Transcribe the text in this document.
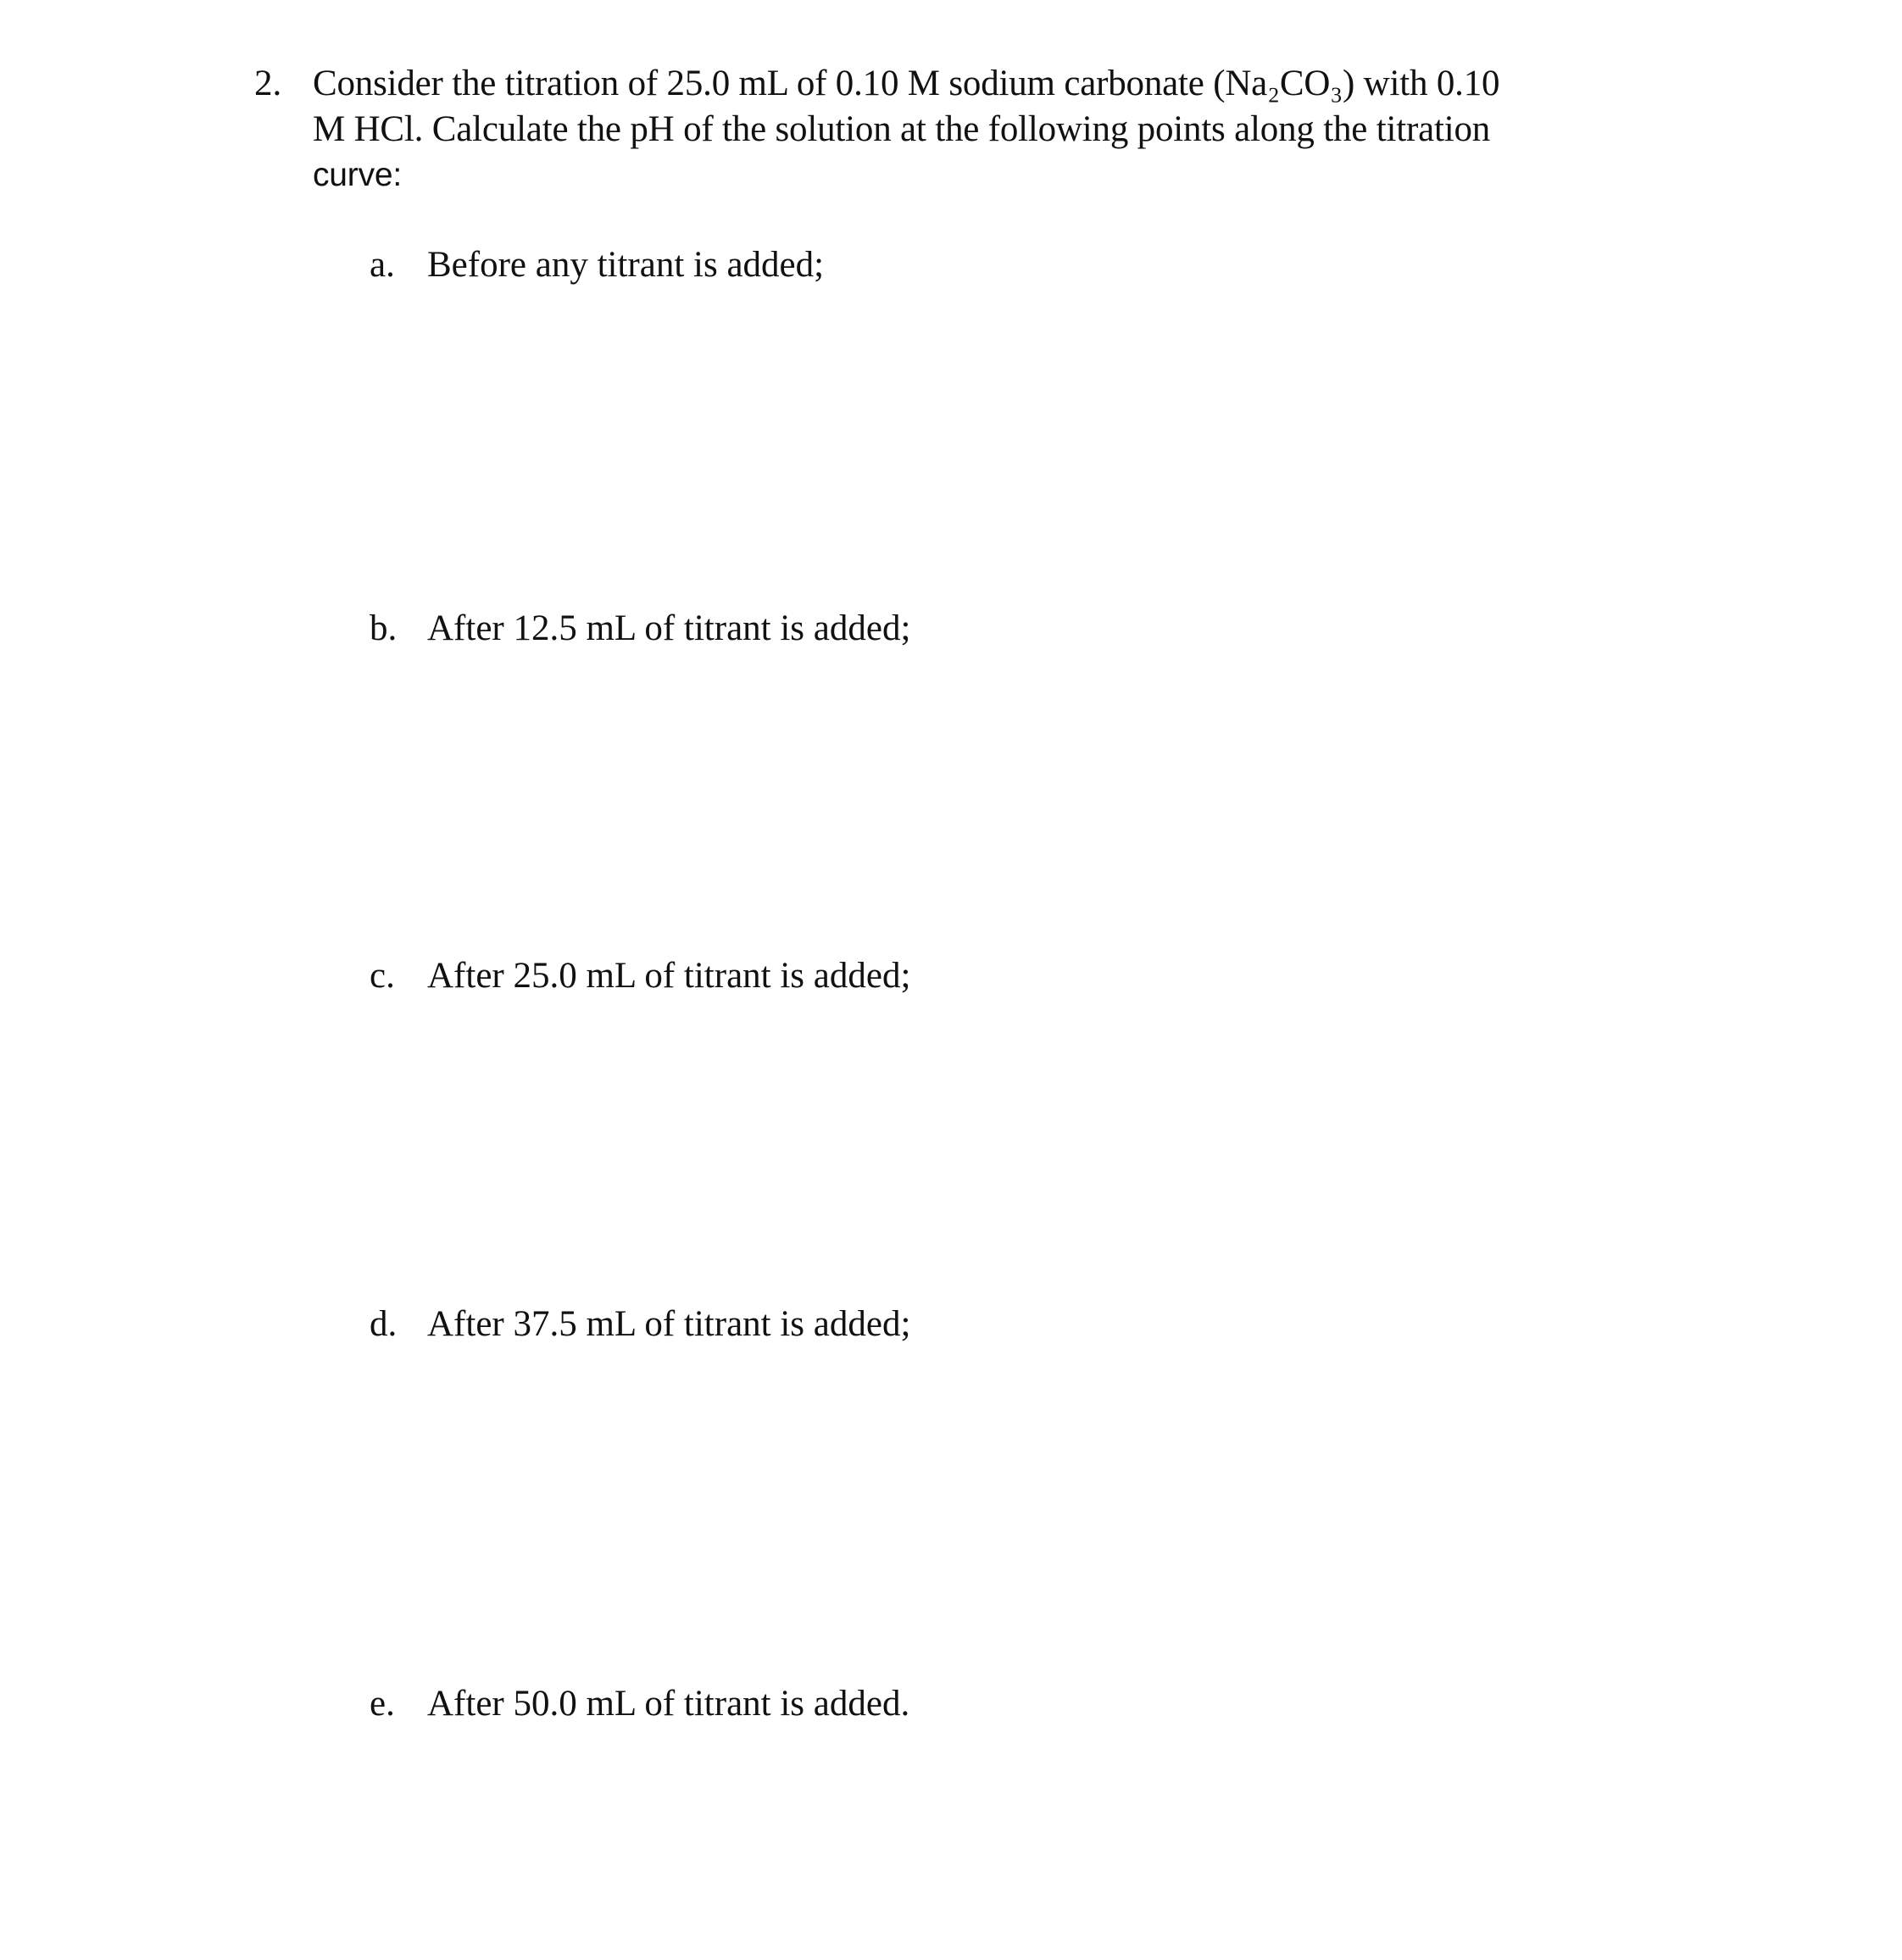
2. Consider the titration of 25.0 mL of 0.10 M sodium carbonate (Na₂CO₃) with 0.10
M HCl. Calculate the pH of the solution at the following points along the titration
curve:
a. Before any titrant is added;
b. After 12.5 mL of titrant is added;
c. After 25.0 mL of titrant is added;
d. After 37.5 mL of titrant is added;
e. After 50.0 mL of titrant is added.
